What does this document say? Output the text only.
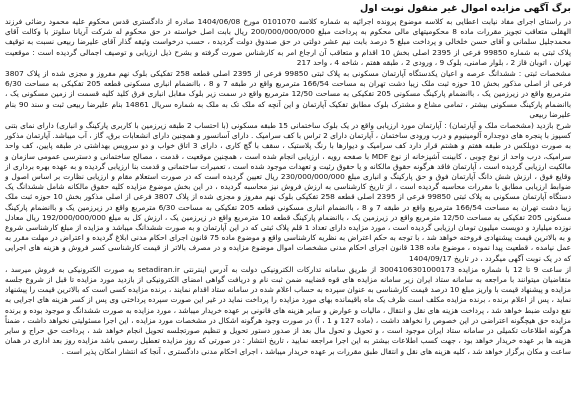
برگ آگهی مزایده اموال غیر منقول نوبت اول

در راستای اجرای مفاد نیابت اعطایی به کلاسه موضوع پرونده اجرائیه به شماره کلاسه 0101070 مورخ 1404/06/08 صادره از دادگستری قدس محکوم علیه محمود رضائی فرزند الهقلی متعاقب تجویز مقررات ماده 8 محکومیتهای مالی محکوم به پرداخت مبلغ 200/000/000/000 ریال بابت اصل خواسته در حق محکوم له شرکت آریانا سلوتز با وکالت آقای محمدجلیل سلمانی و آقای حسن خلخالی و پرداخت مبلغ 5 درصد بابت نیم عشر دولتی در حق صندوق دولت گردیده ، حسب درخواست وثیقه گذار آقای علیرضا ربیعی نسبت به توقیف پلاک ثبتی به شماره 99850 فرعی از 2395 اصلی بخش 10 اقدام و متعاقب آن ارجاع امر به کارشناس صورت گرفته و بشرح ذیل ارزیابی و توصیف اجمالی گردیده است : موقعیت تهران ، اتوبان قاز 2 ، بلوار صامنی، بلوک 9 ، ورودی 2 ، طبقه هفتم ، شاخه 4 ، واحد 217

مشخصات ثبتی : ششدانگ عرصه و اعیان یکدستگاه آپارتمان مسکونی به پلاک ثبتی 99850 فرعی از 2395 اصلی قطعه 258 تفکیکی بلوک نهم مفروز و مجزی شده از پلاک 3807 فرعی از اصلی مذکور بخش 10 حوزه ثبت ملک زیبا دشت تهران به مساحت 166/54 مترمربع واقع در طبقه 7 و 8 ، باانضمام انباری مسکونی قطعه 205 تفکیکی به مساحت 6/30 مترمربع واقع در زیرزمین یک ، باانضمام پارکینگ مسکونی 205 تفکیکی به مساحت 12/50 مترمربع واقع در سمت زیر بلوک مقابل انباری فرق کلید کلیه قسمت از زمین مسکونی یک ، باانضمام پارکینگ مسکونی بیشتر ، تمامی مشاع و مشترک بلوک مطابق تفکیک آپارتمان و این آنچه که ملک تک به ملک به شماره سریال 14861 بنام علیرضا ربیعی ثبت و سند 90 بنام علیرضا ربیعی

شرح بازدید (مشخصات ملک و آپارتمان) : آپارتمان مورد ارزیابی واقع در یک بلوک ساختمانی 15 طبقه مسکونی (با احتساب 2 طبقه زیرزمین با کاربری پارکینگ و انباری) دارای نمای بتنی کسپوز با پنجره های دوجداره آلومینیوم و درب ورودی ساختمان ، آپارتمان دارای 2 تراس با کف سرامیک . دارای آسانسور و همچنین دارای انشعابات برق، گاز ، آب میباشد. آپارتمان مذکور به صورت دوبلکس در طبقه هفتم و هشتم قرار دارد کف سرامیک و دیوارها با رنگ پلاستیک ، سقف با گچ کاری ، دارای 3 اتاق خواب و دو سرویس بهداشتی در طبقه پایین، کف واحد سرامیک، درب واحد از نوع چوبی ، کابینت آشپزخانه از نوع MDF با صفحه رویه ، ارزیابی انجام شده است ، همچنین موقعیت ، قدمت ، مصالح ساختمانی و دسترسی عمومی سازمان و مالکیت ارزیابی گردیده است ، آپارتمان فاقد هرگونه حقوق مالکانه و یا حقوق رئیت و تعهدات موجود شده است ، تعمیرات ساختمانی و قدمت بنا ارزیابی گردیده و به عهده بهره برداری از وقایع فوق ، ارزش شش دانگ آپارتمان فوق و حق پارکینگ و انباری مبلغ 230/000/000/000 ریال تعیین گردیده است که در صورت استعلام مقام و ارزیابی نظارت بر اساس اصول و ضوابط ارزیابی مطابق با مقررات محاسبه گردیده است ، از تاریخ کارشناسی به ارزش فروش نیز محاسبه گردیده ، در این بخش موضوع مزایده کلیه حقوق مالکانه شامل ششدانگ یک دستگاه آپارتمان مسکونی به پلاک ثبتی 99850 فرعی از 2395 اصلی قطعه 258 تفکیکی بلوک نهم مفروز و مجزی شده از پلاک 3807 فرعی از اصلی مذکور بخش 10 حوزه ثبت ملک زیبا دشت تهران به مساحت 166/54 مترمربع واقع در طبقه 7 و 8 ، باانضمام انباری مسکونی قطعه 205 تفکیکی به مساحت 6/30 مترمربع واقع در زیرزمین یک و باانضمام پارکینگ مسکونی 205 تفکیکی به مساحت 12/50 مترمربع واقع در زیرزمین یک ، باانضمام پارکینگ قطعه 10 مترمربع واقع در زیرزمین یک ، ارزش کل به مبلغ 192/000/000/000 ریال معادل نوزده میلیارد و دویست میلیون تومان ارزیابی گردیده است ، مورد مزایده دارای تعداد 1 قلم پلاک ثبتی که در این آپارتمان و به صورت ششدانگ میباشد و مزایده از مبلغ کارشناسی شروع و به بالاترین قیمت پیشنهادی فروخته خواهد شد ، با توجه به حکم اعتراض به نظریه کارشناسی واقع و موضوع ماده 75 قانون اجرای احکام مدنی ابلاغ گردیده و اعتراض در مهلت مقرر به عمل نیامده ، قطعیت پیدا نموده ، موضوع ماده 138 قانون اجرای احکام مدنی مشخصات اموال موضوع مزایده و در مصرف بالاتر از قیمت کارشناسی کسر فروش و هزینه های اجرایی که در یک نوبت آگهی میگردد ، در تاریخ 1404/09/17

از ساعت 9 تا 12 با شماره مزایده 3004106301000173 از طریق سامانه تدارکات الکترونیکی دولت به آدرس اینترنتی setadiran.ir به صورت الکترونیکی به فروش میرسد ، متقاضیان میتوانند با مراجعه به سامانه ستاد ایران زیر سامانه مزایده های قوه قضاییه ضمن ثبت نام و دریافت گواهی امضای الکترونیکی از بازدید مورد مزایده تا قبل از شروع جلسه مزایده و پیشنهاد قیمت با واریز مبلغ 10 درصد قیمت کارشناسی به عنوان سپرده به حساب اعلام شده در سامانه ستاد اقدام نمایند ، برنده مزایده کسی است که بالاترین قیمت را پیشنهاد نماید ، پس از اعلام برنده ، برنده مزایده مکلف است ظرف یک ماه باقیمانده بهای مورد مزایده را پرداخت نماید در غیر این صورت سپرده پرداختی وی پس از کسر هزینه های اجرایی به نفع دولت ضبط خواهد شد ، پرداخت هزینه های نقل و انتقال ، مالیات و عوارض و سایر هزینه های قانونی بر عهده خریدار میباشد ، مورد مزایده به صورت ششدانگ و موجود بوده و برنده مزایده حق هیچگونه اعتراضی در این خصوص را نخواهد داشت ، (ماده 127 و 1 ، آ) در صورت وجود هرگونه اشکال در مشخصات مورد مزایده ، این اجرا مسئولیتی نخواهد داشت ، ضمناً هرگونه اطلاعات تکمیلی در سامانه ستاد ایران موجود است ، و تحویل و تحول مال بعد از صدور دستور تحویل و تنظیم صورتجلسه تحویل انجام خواهد شد ، پرداخت حق حراج و سایر هزینه ها بر عهده خریدار خواهد بود ، جهت کسب اطلاعات بیشتر به این اجرا مراجعه نمایید ، تاریخ انتشار : در صورتی که روز مزایده تعطیل رسمی باشد مزایده روز بعد اداری در همان ساعت و مکان برگزار خواهد شد ، کلیه هزینه های نقل و انتقال طبق مقررات بر عهده خریدار میباشد ، اجرای احکام مدنی دادگستری ، آنجا که انتشار امکان پذیر است .
